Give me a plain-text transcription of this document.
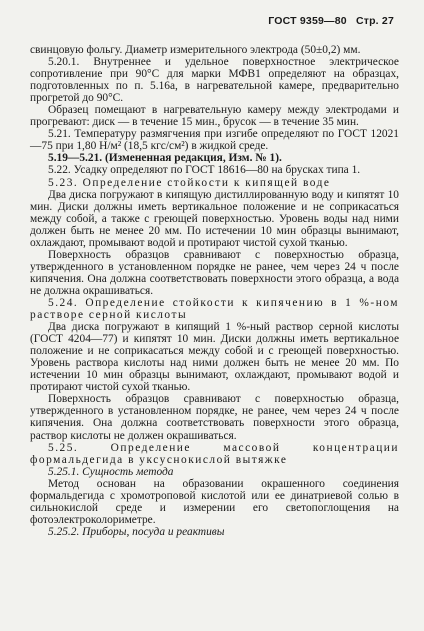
ГОСТ 9359—80 Стр. 27

свинцовую фольгу. Диаметр измерительного электрода (50±0,2) мм.

5.20.1. Внутреннее и удельное поверхностное электрическое сопротивление при 90°С для марки МФВ1 определяют на образцах, подготовленных по п. 5.16а, в нагревательной камере, предварительно прогретой до 90°С.

Образец помещают в нагревательную камеру между электродами и прогревают: диск — в течение 15 мин., брусок — в течение 35 мин.

5.21. Температуру размягчения при изгибе определяют по ГОСТ 12021—75 при 1,80 Н/м² (18,5 кгс/см²) в жидкой среде.

5.19—5.21. (Измененная редакция, Изм. № 1).

5.22. Усадку определяют по ГОСТ 18616—80 на брусках типа 1.

5.23. Определение стойкости к кипящей воде

Два диска погружают в кипящую дистиллированную воду и кипятят 10 мин. Диски должны иметь вертикальное положение и не соприкасаться между собой, а также с греющей поверхностью. Уровень воды над ними должен быть не менее 20 мм. По истечении 10 мин образцы вынимают, охлаждают, промывают водой и протирают чистой сухой тканью.

Поверхность образцов сравнивают с поверхностью образца, утвержденного в установленном порядке не ранее, чем через 24 ч после кипячения. Она должна соответствовать поверхности этого образца, а вода не должна окрашиваться.

5.24. Определение стойкости к кипячению в 1 %-ном растворе серной кислоты

Два диска погружают в кипящий 1 %-ный раствор серной кислоты (ГОСТ 4204—77) и кипятят 10 мин. Диски должны иметь вертикальное положение и не соприкасаться между собой и с греющей поверхностью. Уровень раствора кислоты над ними должен быть не менее 20 мм. По истечении 10 мин образцы вынимают, охлаждают, промывают водой и протирают чистой сухой тканью.

Поверхность образцов сравнивают с поверхностью образца, утвержденного в установленном порядке, не ранее, чем через 24 ч после кипячения. Она должна соответствовать поверхности этого образца, раствор кислоты не должен окрашиваться.

5.25. Определение массовой концентрации формальдегида в уксуснокислой вытяжке

5.25.1. Сущность метода

Метод основан на образовании окрашенного соединения формальдегида с хромотроповой кислотой или ее динатриевой солью в сильнокислой среде и измерении его светопоглощения на фотоэлектроколориметре.

5.25.2. Приборы, посуда и реактивы
